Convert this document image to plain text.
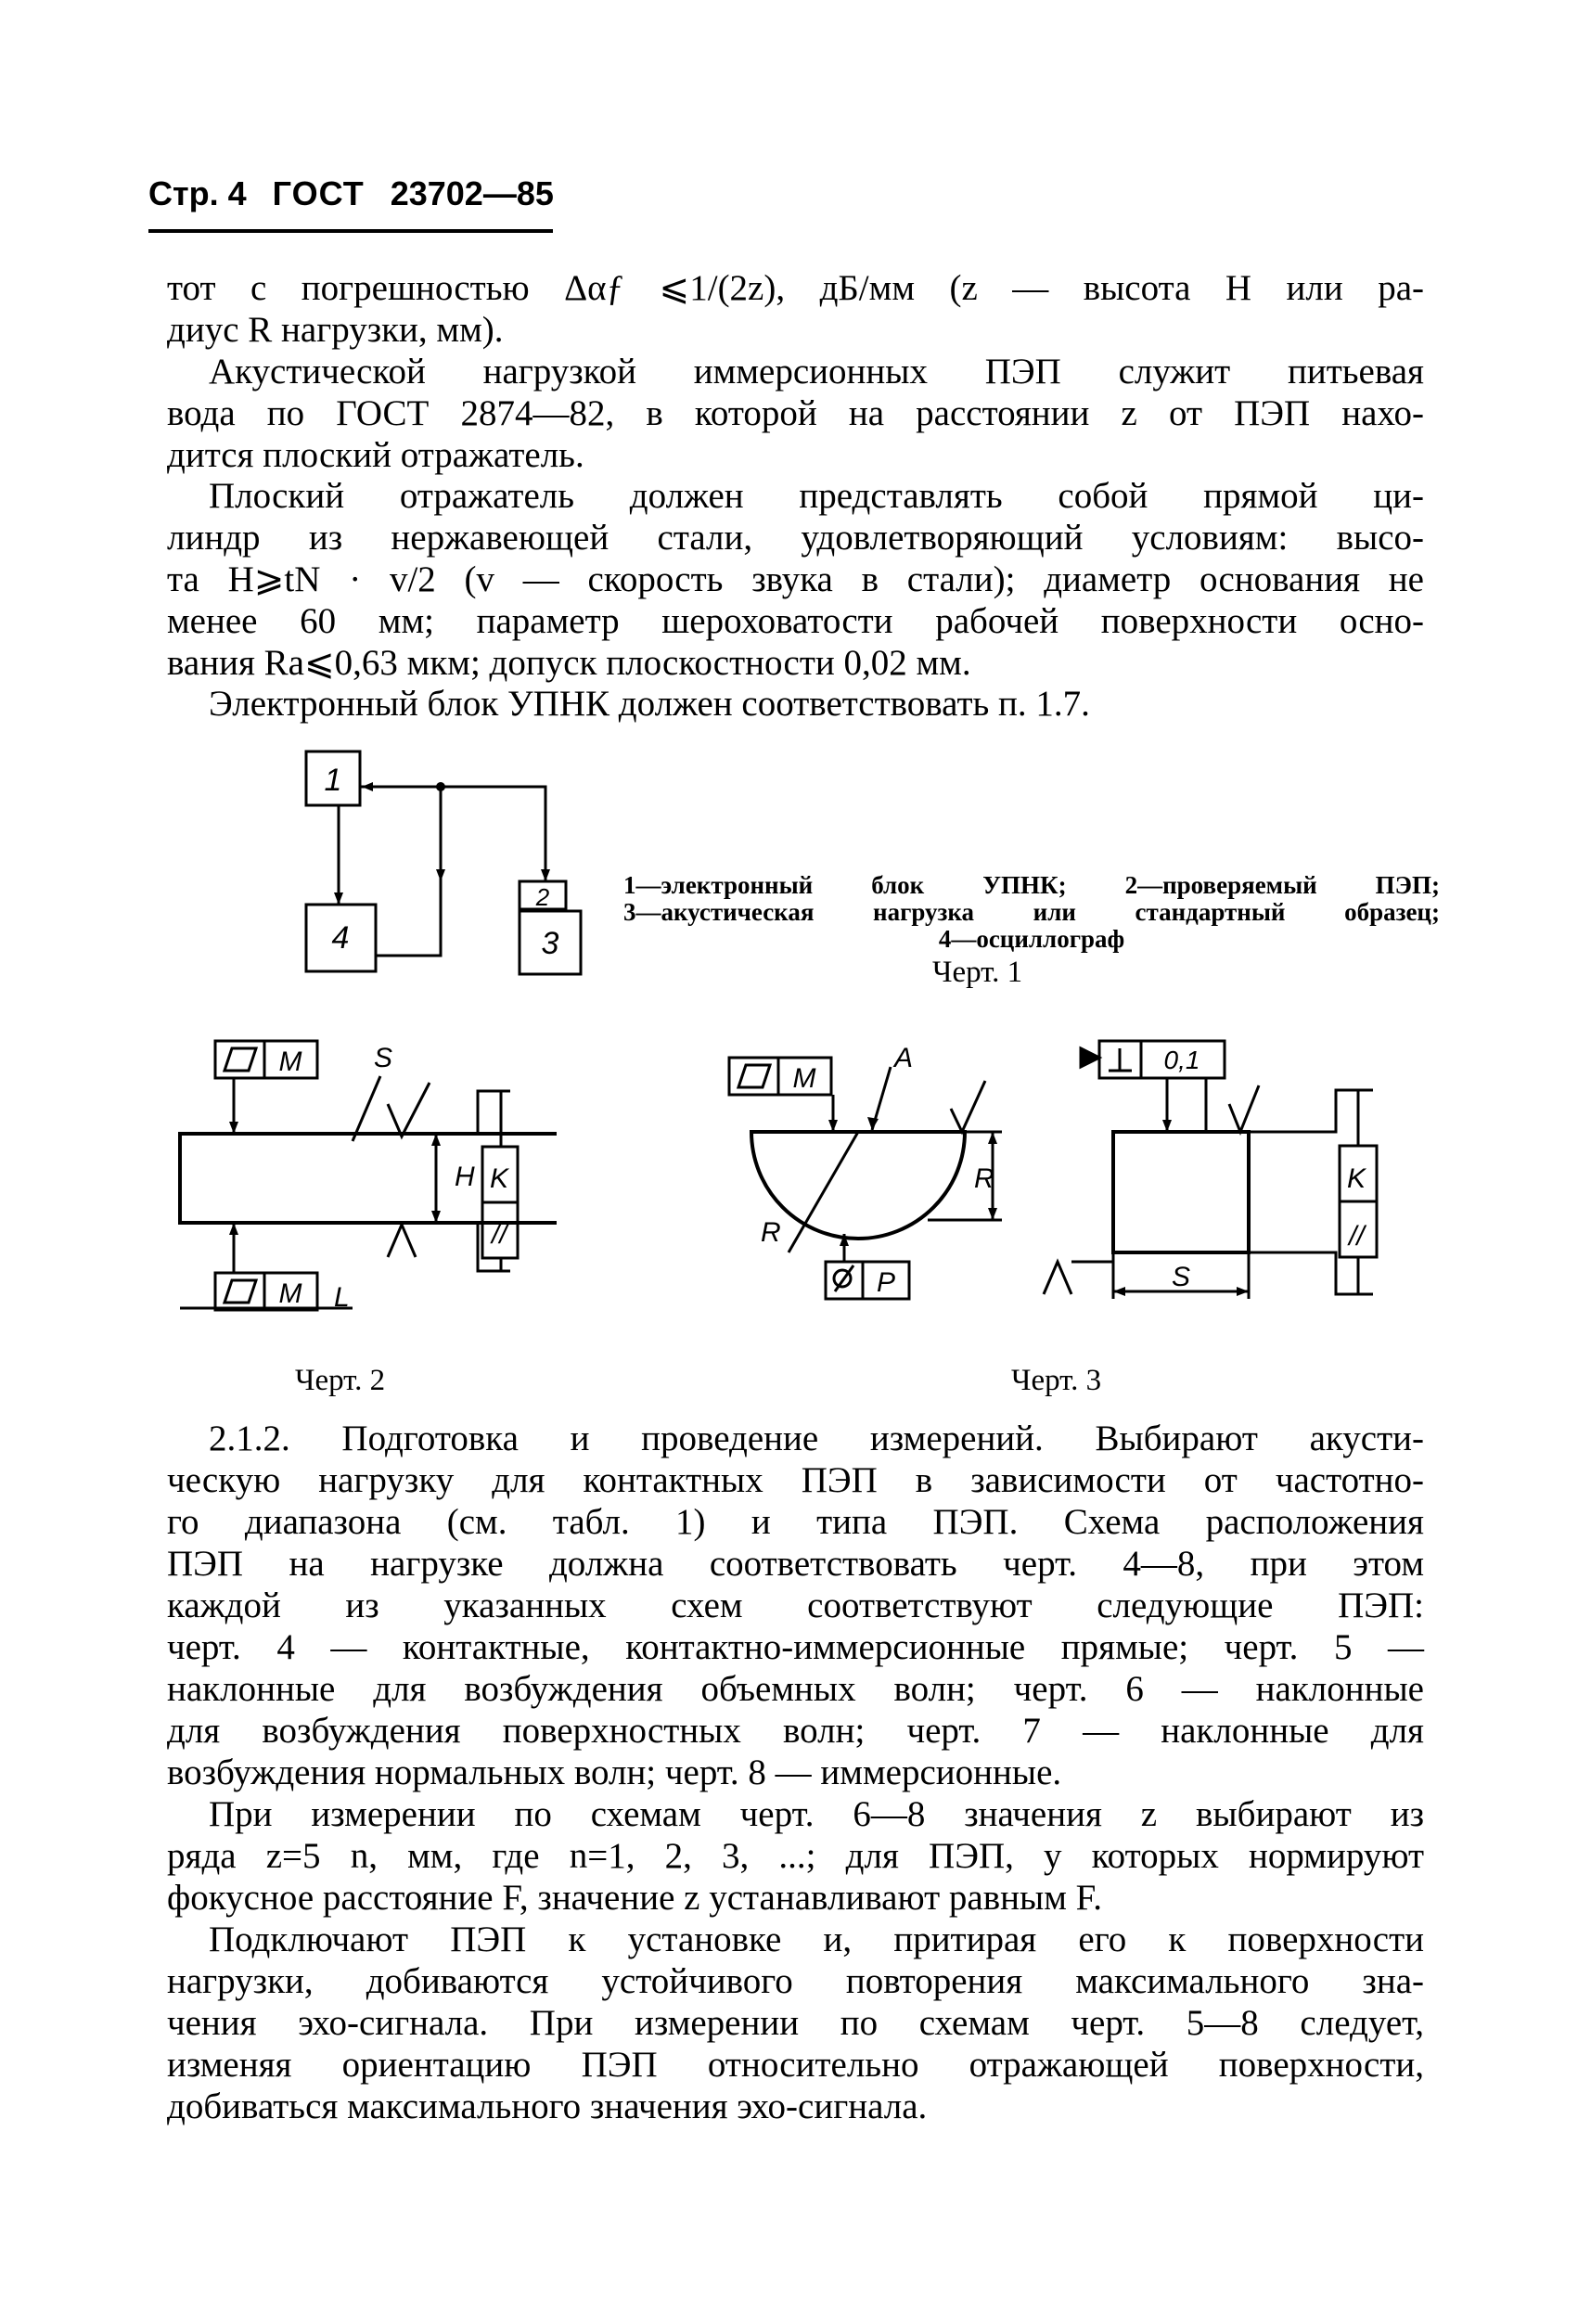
Стр. 4 ГОСТ 23702—85
тот с погрешностью Δαƒ ⩽1/(2z), дБ/мм (z — высота H или ра-
диус R нагрузки, мм).
Акустической нагрузкой иммерсионных ПЭП служит питьевая
вода по ГОСТ 2874—82, в которой на расстоянии z от ПЭП нахо-
дится плоский отражатель.
Плоский отражатель должен представлять собой прямой ци-
линдр из нержавеющей стали, удовлетворяющий условиям: высо-
та H⩾tN · v/2 (v — скорость звука в стали); диаметр основания не
менее 60 мм; параметр шероховатости рабочей поверхности осно-
вания Ra⩽0,63 мкм; допуск плоскостности 0,02 мм.
Электронный блок УПНК должен соответствовать п. 1.7.
1
2
3
4
1—электронный блок УПНК; 2—проверяемый ПЭП;
3—акустическая нагрузка или стандартный образец;
4—осциллограф
Черт. 1
M
M
S
H
L
K
//
Черт. 2
M
A
R
R
P
0,1
K
S
//
Черт. 3
2.1.2. Подготовка и проведение измерений. Выбирают акусти-
ческую нагрузку для контактных ПЭП в зависимости от частотно-
го диапазона (см. табл. 1) и типа ПЭП. Схема расположения
ПЭП на нагрузке должна соответствовать черт. 4—8, при этом
каждой из указанных схем соответствуют следующие ПЭП:
черт. 4 — контактные, контактно-иммерсионные прямые; черт. 5 —
наклонные для возбуждения объемных волн; черт. 6 — наклонные
для возбуждения поверхностных волн; черт. 7 — наклонные для
возбуждения нормальных волн; черт. 8 — иммерсионные.
При измерении по схемам черт. 6—8 значения z выбирают из
ряда z=5 n, мм, где n=1, 2, 3, ...; для ПЭП, у которых нормируют
фокусное расстояние F, значение z устанавливают равным F.
Подключают ПЭП к установке и, притирая его к поверхности
нагрузки, добиваются устойчивого повторения максимального зна-
чения эхо-сигнала. При измерении по схемам черт. 5—8 следует,
изменяя ориентацию ПЭП относительно отражающей поверхности,
добиваться максимального значения эхо-сигнала.
